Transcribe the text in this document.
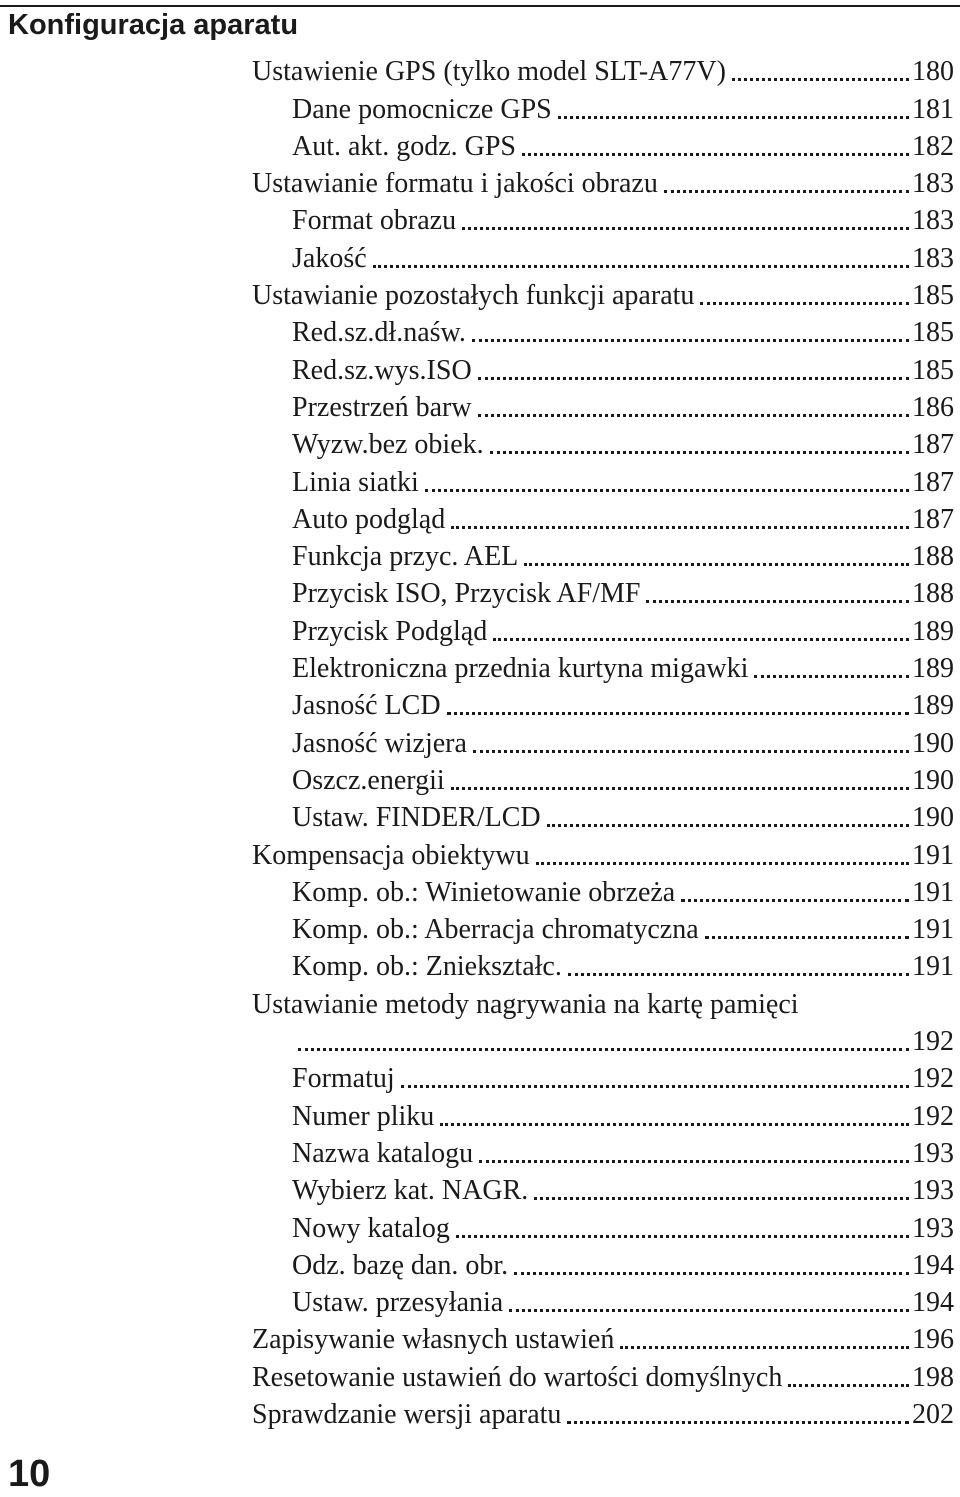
Konfiguracja aparatu
Ustawienie GPS (tylko model SLT-A77V)	180
Dane pomocnicze GPS	181
Aut. akt. godz. GPS	182
Ustawianie formatu i jakości obrazu	183
Format obrazu	183
Jakość	183
Ustawianie pozostałych funkcji aparatu	185
Red.sz.dł.naśw.	185
Red.sz.wys.ISO	185
Przestrzeń barw	186
Wyzw.bez obiek.	187
Linia siatki	187
Auto podgląd	187
Funkcja przyc. AEL	188
Przycisk ISO, Przycisk AF/MF	188
Przycisk Podgląd	189
Elektroniczna przednia kurtyna migawki	189
Jasność LCD	189
Jasność wizjera	190
Oszcz.energii	190
Ustaw. FINDER/LCD	190
Kompensacja obiektywu	191
Komp. ob.: Winietowanie obrzeża	191
Komp. ob.: Aberracja chromatyczna	191
Komp. ob.: Zniekształc.	191
Ustawianie metody nagrywania na kartę pamięci
192
Formatuj	192
Numer pliku	192
Nazwa katalogu	193
Wybierz kat. NAGR.	193
Nowy katalog	193
Odz. bazę dan. obr.	194
Ustaw. przesyłania	194
Zapisywanie własnych ustawień	196
Resetowanie ustawień do wartości domyślnych	198
Sprawdzanie wersji aparatu	202
10
